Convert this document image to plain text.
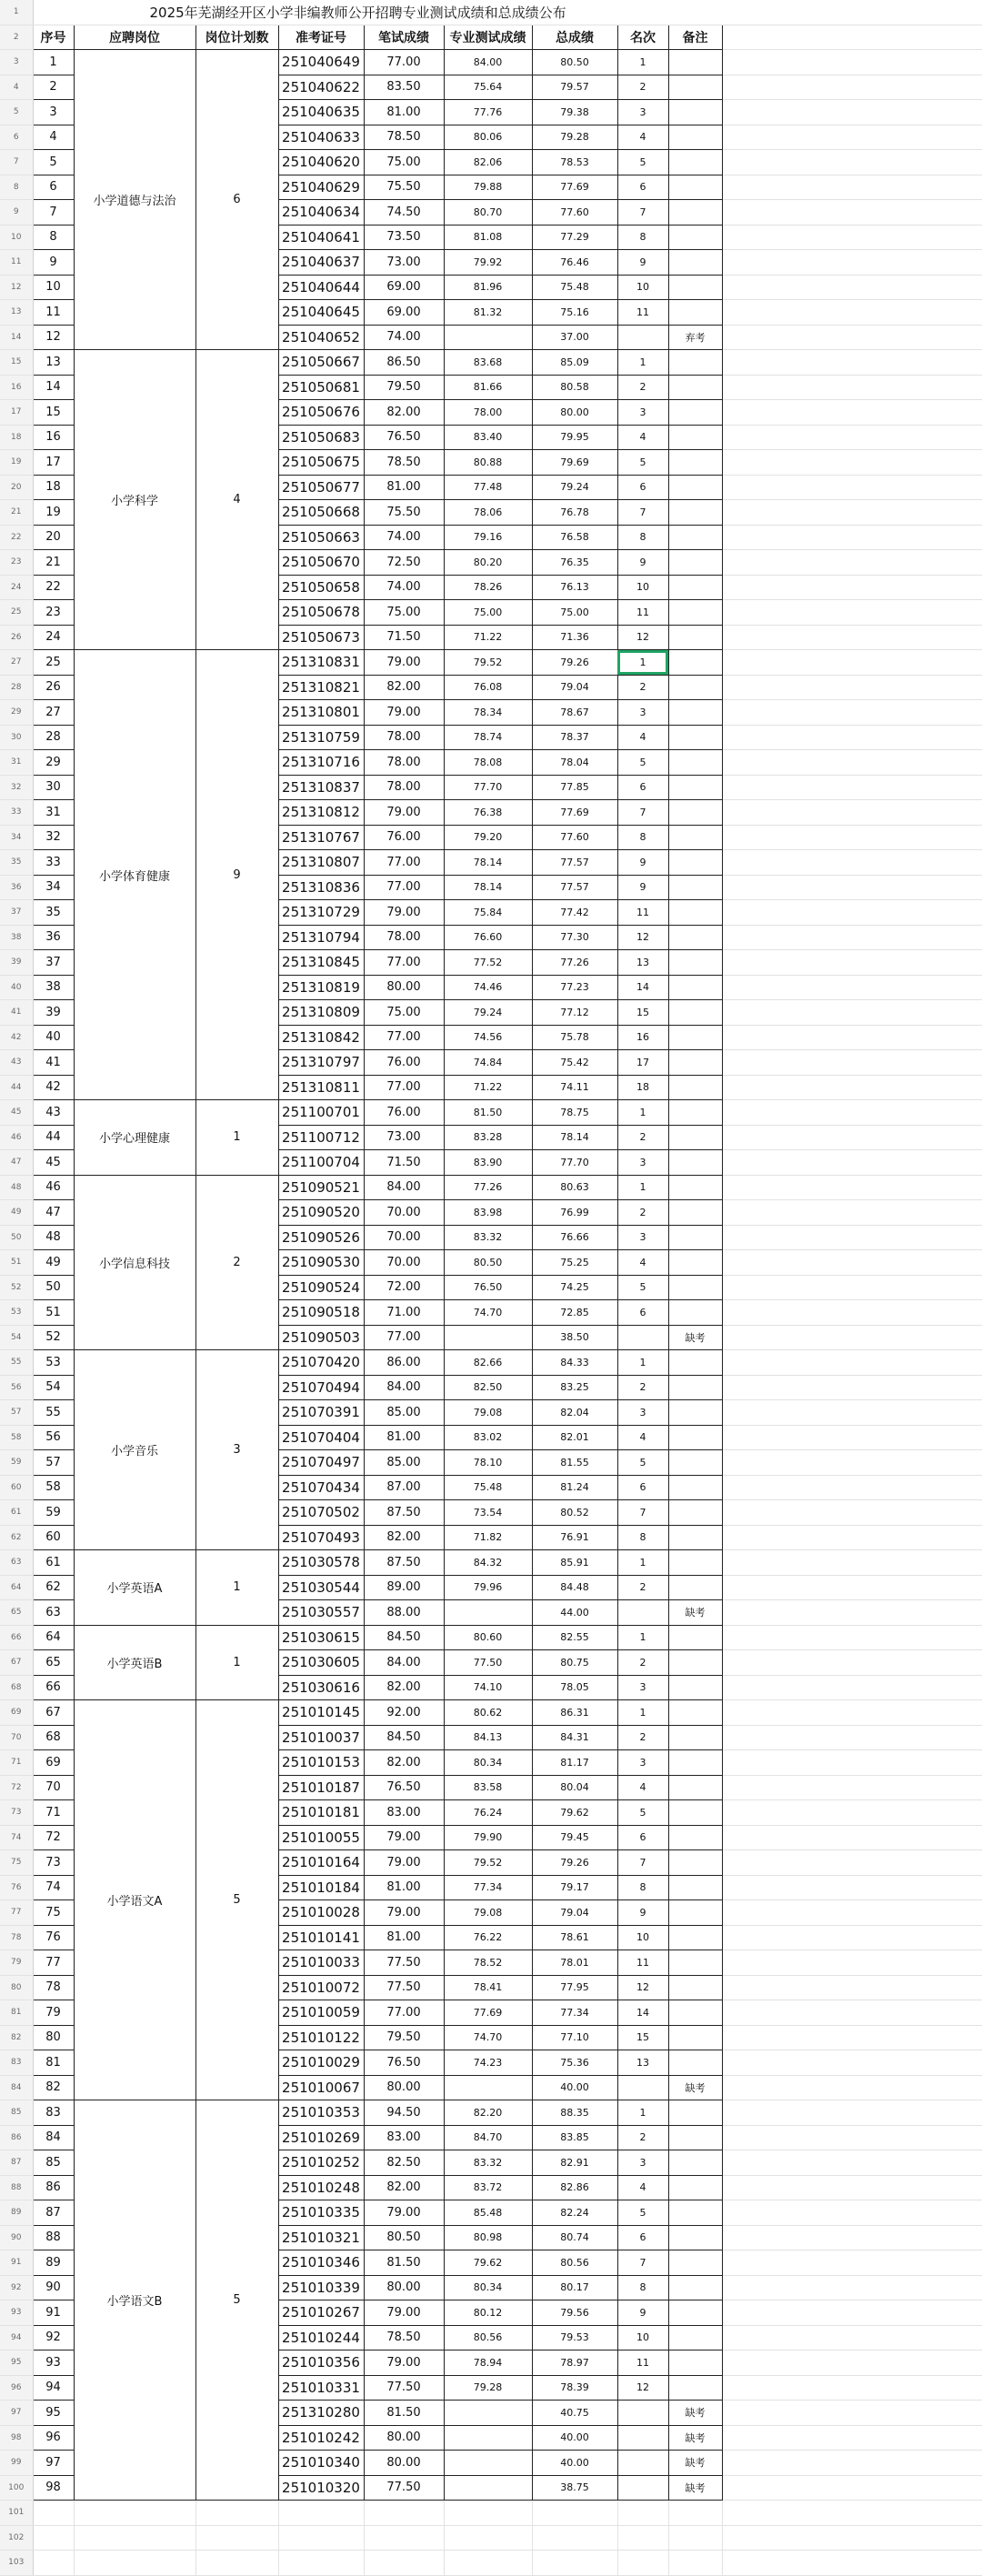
1	2025年芜湖经开区小学非编教师公开招聘专业测试成绩和总成绩公布									
2	序号	应聘岗位	岗位计划数	准考证号	笔试成绩	专业测试成绩	总成绩	名次	备注	
3	1	小学道德与法治	6	251040649	77.00	84.00	80.50	1		
4	2			251040622	83.50	75.64	79.57	2		
5	3			251040635	81.00	77.76	79.38	3		
6	4			251040633	78.50	80.06	79.28	4		
7	5			251040620	75.00	82.06	78.53	5		
8	6			251040629	75.50	79.88	77.69	6		
9	7			251040634	74.50	80.70	77.60	7		
10	8			251040641	73.50	81.08	77.29	8		
11	9			251040637	73.00	79.92	76.46	9		
12	10			251040644	69.00	81.96	75.48	10		
13	11			251040645	69.00	81.32	75.16	11		
14	12			251040652	74.00		37.00		弃考	
15	13	小学科学	4	251050667	86.50	83.68	85.09	1		
16	14			251050681	79.50	81.66	80.58	2		
17	15			251050676	82.00	78.00	80.00	3		
18	16			251050683	76.50	83.40	79.95	4		
19	17			251050675	78.50	80.88	79.69	5		
20	18			251050677	81.00	77.48	79.24	6		
21	19			251050668	75.50	78.06	76.78	7		
22	20			251050663	74.00	79.16	76.58	8		
23	21			251050670	72.50	80.20	76.35	9		
24	22			251050658	74.00	78.26	76.13	10		
25	23			251050678	75.00	75.00	75.00	11		
26	24			251050673	71.50	71.22	71.36	12		
27	25	小学体育健康	9	251310831	79.00	79.52	79.26	1		
28	26			251310821	82.00	76.08	79.04	2		
29	27			251310801	79.00	78.34	78.67	3		
30	28			251310759	78.00	78.74	78.37	4		
31	29			251310716	78.00	78.08	78.04	5		
32	30			251310837	78.00	77.70	77.85	6		
33	31			251310812	79.00	76.38	77.69	7		
34	32			251310767	76.00	79.20	77.60	8		
35	33			251310807	77.00	78.14	77.57	9		
36	34			251310836	77.00	78.14	77.57	9		
37	35			251310729	79.00	75.84	77.42	11		
38	36			251310794	78.00	76.60	77.30	12		
39	37			251310845	77.00	77.52	77.26	13		
40	38			251310819	80.00	74.46	77.23	14		
41	39			251310809	75.00	79.24	77.12	15		
42	40			251310842	77.00	74.56	75.78	16		
43	41			251310797	76.00	74.84	75.42	17		
44	42			251310811	77.00	71.22	74.11	18		
45	43	小学心理健康	1	251100701	76.00	81.50	78.75	1		
46	44			251100712	73.00	83.28	78.14	2		
47	45			251100704	71.50	83.90	77.70	3		
48	46	小学信息科技	2	251090521	84.00	77.26	80.63	1		
49	47			251090520	70.00	83.98	76.99	2		
50	48			251090526	70.00	83.32	76.66	3		
51	49			251090530	70.00	80.50	75.25	4		
52	50			251090524	72.00	76.50	74.25	5		
53	51			251090518	71.00	74.70	72.85	6		
54	52			251090503	77.00		38.50		缺考	
55	53	小学音乐	3	251070420	86.00	82.66	84.33	1		
56	54			251070494	84.00	82.50	83.25	2		
57	55			251070391	85.00	79.08	82.04	3		
58	56			251070404	81.00	83.02	82.01	4		
59	57			251070497	85.00	78.10	81.55	5		
60	58			251070434	87.00	75.48	81.24	6		
61	59			251070502	87.50	73.54	80.52	7		
62	60			251070493	82.00	71.82	76.91	8		
63	61	小学英语A	1	251030578	87.50	84.32	85.91	1		
64	62			251030544	89.00	79.96	84.48	2		
65	63			251030557	88.00		44.00		缺考	
66	64	小学英语B	1	251030615	84.50	80.60	82.55	1		
67	65			251030605	84.00	77.50	80.75	2		
68	66			251030616	82.00	74.10	78.05	3		
69	67	小学语文A	5	251010145	92.00	80.62	86.31	1		
70	68			251010037	84.50	84.13	84.31	2		
71	69			251010153	82.00	80.34	81.17	3		
72	70			251010187	76.50	83.58	80.04	4		
73	71			251010181	83.00	76.24	79.62	5		
74	72			251010055	79.00	79.90	79.45	6		
75	73			251010164	79.00	79.52	79.26	7		
76	74			251010184	81.00	77.34	79.17	8		
77	75			251010028	79.00	79.08	79.04	9		
78	76			251010141	81.00	76.22	78.61	10		
79	77			251010033	77.50	78.52	78.01	11		
80	78			251010072	77.50	78.41	77.95	12		
81	79			251010059	77.00	77.69	77.34	14		
82	80			251010122	79.50	74.70	77.10	15		
83	81			251010029	76.50	74.23	75.36	13		
84	82			251010067	80.00		40.00		缺考	
85	83	小学语文B	5	251010353	94.50	82.20	88.35	1		
86	84			251010269	83.00	84.70	83.85	2		
87	85			251010252	82.50	83.32	82.91	3		
88	86			251010248	82.00	83.72	82.86	4		
89	87			251010335	79.00	85.48	82.24	5		
90	88			251010321	80.50	80.98	80.74	6		
91	89			251010346	81.50	79.62	80.56	7		
92	90			251010339	80.00	80.34	80.17	8		
93	91			251010267	79.00	80.12	79.56	9		
94	92			251010244	78.50	80.56	79.53	10		
95	93			251010356	79.00	78.94	78.97	11		
96	94			251010331	77.50	79.28	78.39	12		
97	95			251310280	81.50		40.75		缺考	
98	96			251010242	80.00		40.00		缺考	
99	97			251010340	80.00		40.00		缺考	
100	98			251010320	77.50		38.75		缺考	
101										
102										
103										
